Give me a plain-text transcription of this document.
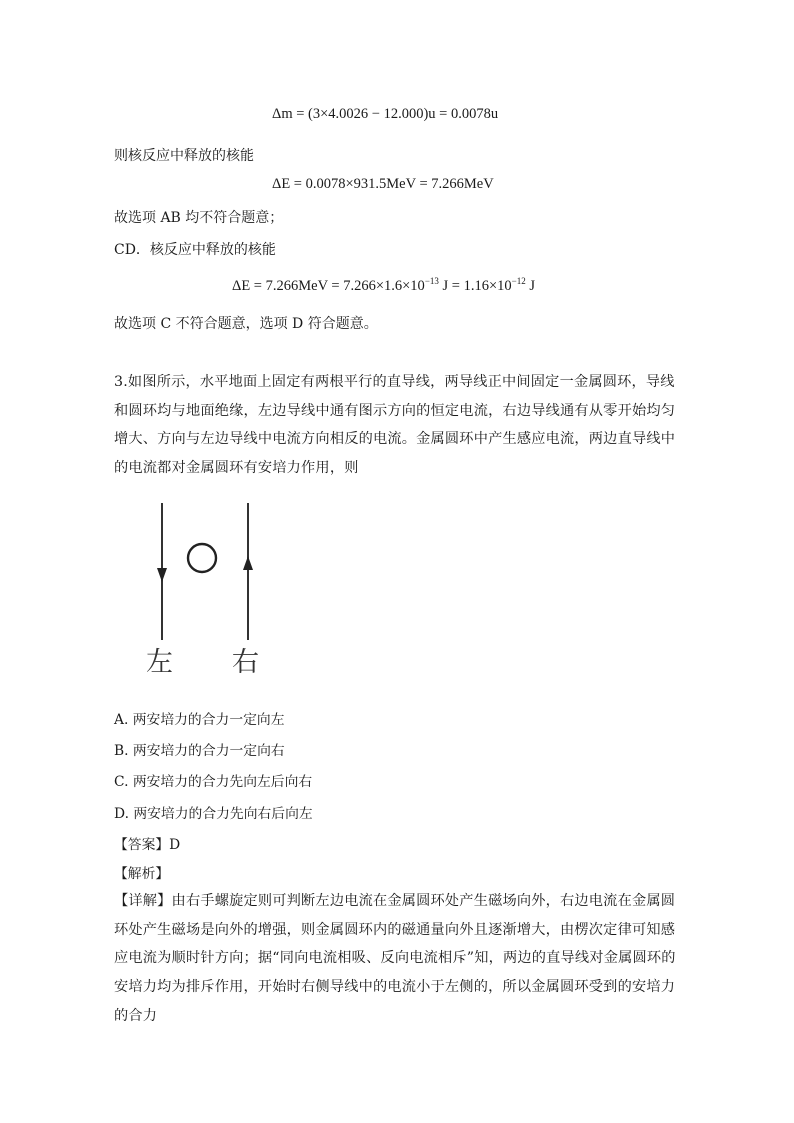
Δm = (3×4.0026 − 12.000)u = 0.0078u
则核反应中释放的核能
ΔE = 0.0078×931.5MeV = 7.266MeV
故选项 AB 均不符合题意；
CD．核反应中释放的核能
$\Delta E = 7.266MeV = 7.266\times 1.6\times 10^{-13}$ $J = 1.16\times 10^{-12}$ J
故选项 C 不符合题意，选项 D 符合题意。
3.如图所示，水平地面上固定有两根平行的直导线，两导线正中间固定一金属圆环，导线和圆环均与地面绝缘，左边导线中通有图示方向的恒定电流，右边导线通有从零开始均匀增大、方向与左边导线中电流方向相反的电流。金属圆环中产生感应电流，两边直导线中的电流都对金属圆环有安培力作用，则
左 右
A. 两安培力的合力一定向左
B. 两安培力的合力一定向右
C. 两安培力的合力先向左后向右
D. 两安培力的合力先向右后向左
【答案】D
【解析】
【详解】由右手螺旋定则可判断左边电流在金属圆环处产生磁场向外，右边电流在金属圆环处产生磁场是向外的增强，则金属圆环内的磁通量向外且逐渐增大，由楞次定律可知感应电流为顺时针方向；据“同向电流相吸、反向电流相斥”知，两边的直导线对金属圆环的安培力均为排斥作用，开始时右侧导线中的电流小于左侧的，所以金属圆环受到的安培力的合力
